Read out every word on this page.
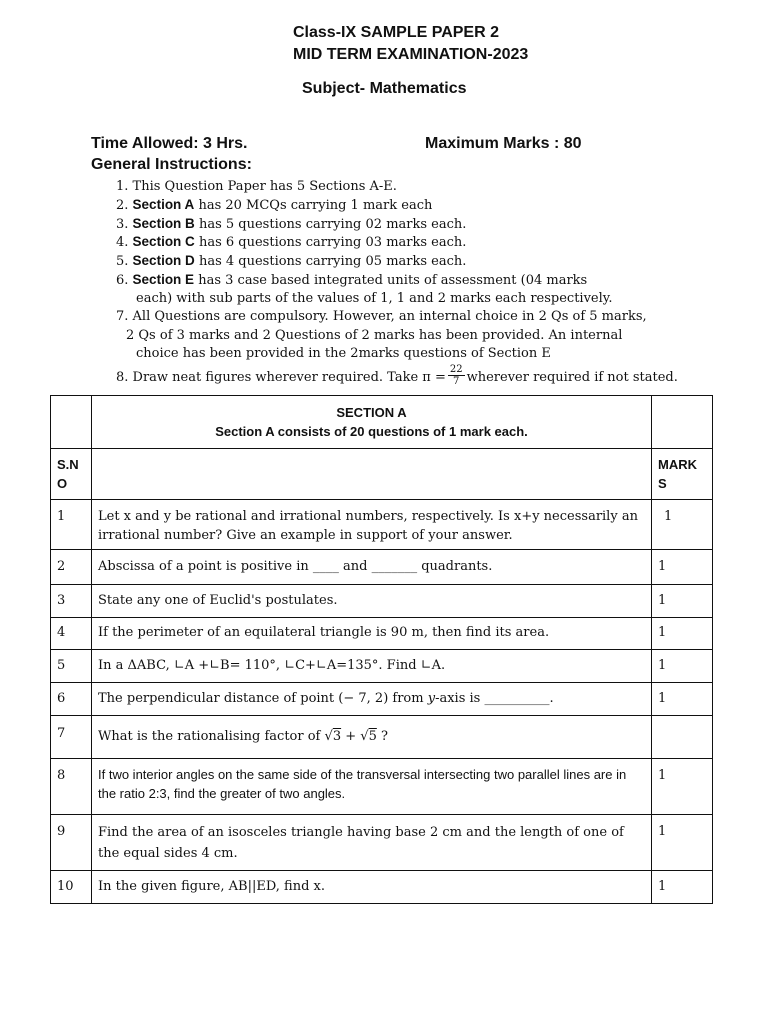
Class-IX SAMPLE PAPER 2
MID TERM EXAMINATION-2023
Subject- Mathematics
Time Allowed: 3 Hrs.	Maximum Marks : 80
General Instructions:
1. This Question Paper has 5 Sections A-E.
2. Section A has 20 MCQs carrying 1 mark each
3. Section B has 5 questions carrying 02 marks each.
4. Section C has 6 questions carrying 03 marks each.
5. Section D has 4 questions carrying 05 marks each.
6. Section E has 3 case based integrated units of assessment (04 marks
each) with sub parts of the values of 1, 1 and 2 marks each respectively.
7. All Questions are compulsory. However, an internal choice in 2 Qs of 5 marks,
2 Qs of 3 marks and 2 Questions of 2 marks has been provided. An internal
choice has been provided in the 2marks questions of Section E
8. Draw neat figures wherever required. Take $\pi = \frac{22}{7}$ wherever required if not stated.

	SECTION A
Section A consists of 20 questions of 1 mark each.	

S.N O		MARK S
1	Let x and y be rational and irrational numbers, respectively. Is x+y necessarily an irrational number? Give an example in support of your answer.	1
2	Abscissa of a point is positive in ____ and _______ quadrants.	1
3	State any one of Euclid's postulates.	1
4	If the perimeter of an equilateral triangle is 90 m, then find its area.	1
5	In a ΔABC, ∟A +∟B= 110°, ∟C+∟A=135°. Find ∟A.	1
6	The perpendicular distance of point (− 7, 2) from y-axis is __________.	1
7	What is the rationalising factor of √3 + √5 ?	
8	If two interior angles on the same side of the transversal intersecting two parallel lines are in the ratio 2:3, find the greater of two angles.	1
9	Find the area of an isosceles triangle having base 2 cm and the length of one of the equal sides 4 cm.	1
10	In the given figure, AB||ED, find x.	1
